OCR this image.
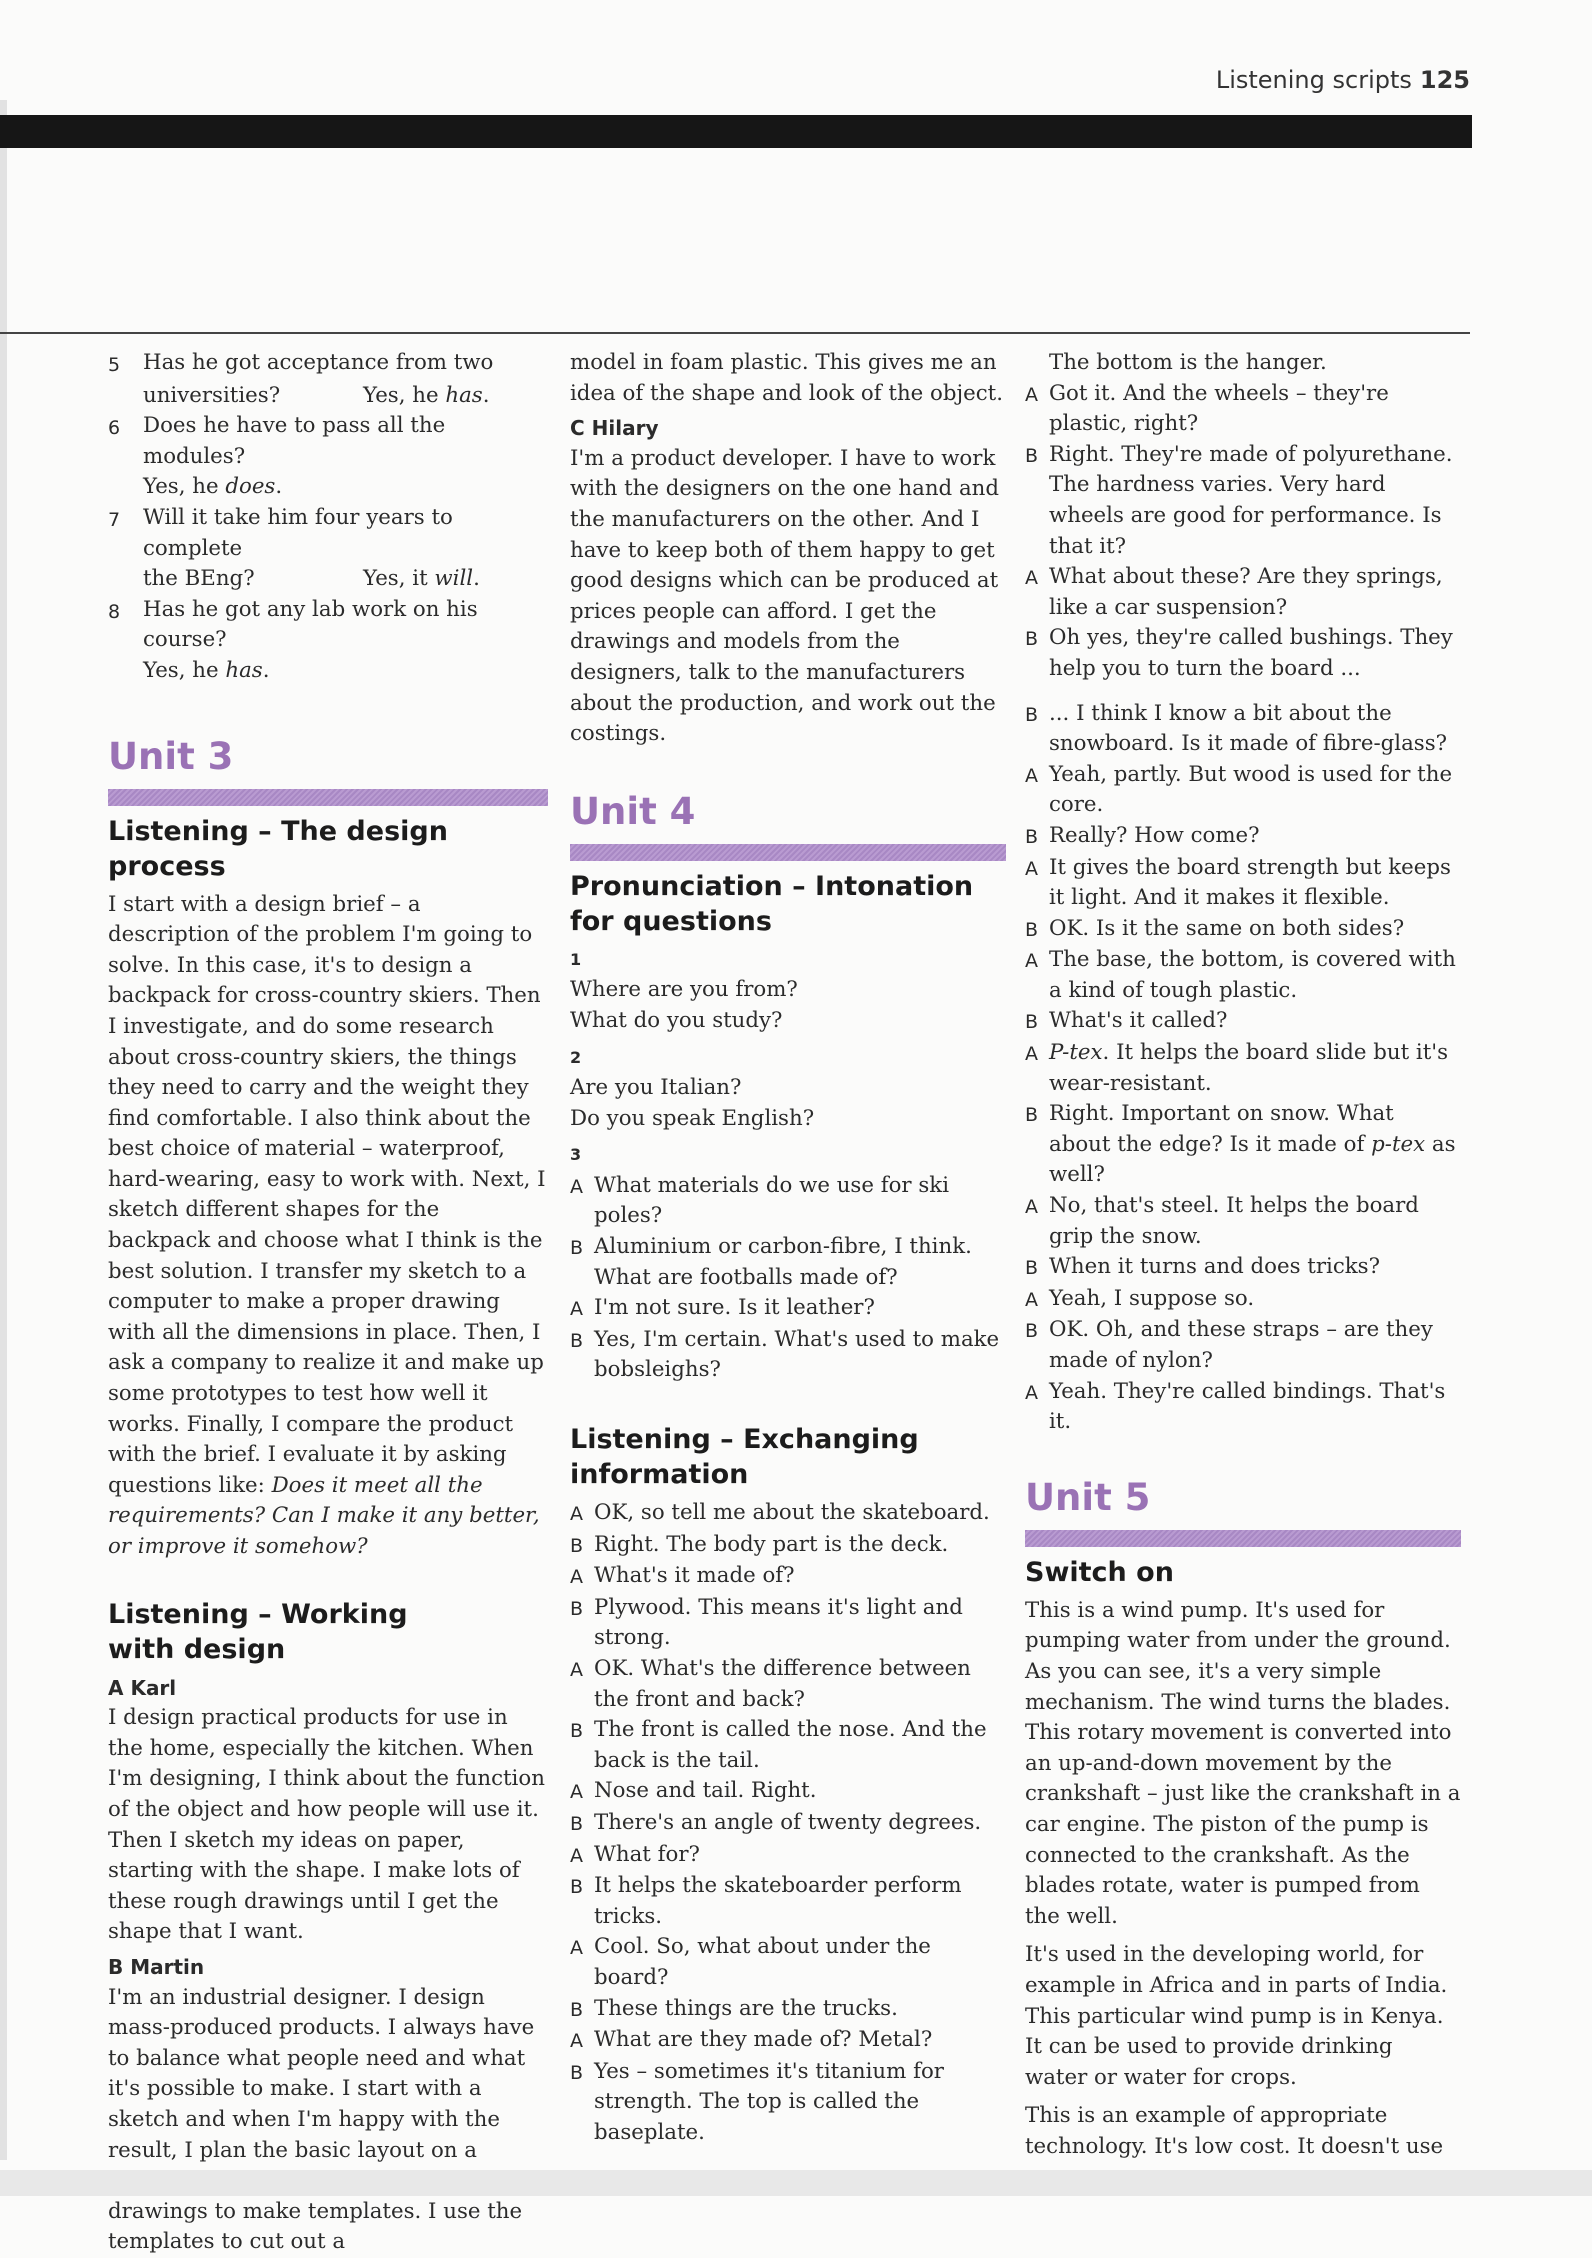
Listening scripts 125
5	Has he got acceptance from two
universities?	Yes, he has.
6	Does he have to pass all the modules?
Yes, he does.
7	Will it take him four years to complete
the BEng?	Yes, it will.
8	Has he got any lab work on his course?
Yes, he has.
Unit 3
Listening – The design process

I start with a design brief – a description of the problem I'm going to solve. In this case, it's to design a backpack for cross-country skiers. Then I investigate, and do some research about cross-country skiers, the things they need to carry and the weight they find comfortable. I also think about the best choice of material – waterproof, hard-wearing, easy to work with. Next, I sketch different shapes for the backpack and choose what I think is the best solution. I transfer my sketch to a computer to make a proper drawing with all the dimensions in place. Then, I ask a company to realize it and make up some prototypes to test how well it works. Finally, I compare the product with the brief. I evaluate it by asking questions like: Does it meet all the requirements? Can I make it any better, or improve it somehow?

Listening – Working
with design

A Karl

I design practical products for use in the home, especially the kitchen. When I'm designing, I think about the function of the object and how people will use it. Then I sketch my ideas on paper, starting with the shape. I make lots of these rough drawings until I get the shape that I want.

B Martin

I'm an industrial designer. I design mass-produced products. I always have to balance what people need and what it's possible to make. I start with a sketch and when I'm happy with the result, I plan the basic layout on a drawings to make templates. I use the templates to cut out a

model in foam plastic. This gives me an idea of the shape and look of the object.

C Hilary

I'm a product developer. I have to work with the designers on the one hand and the manufacturers on the other. And I have to keep both of them happy to get good designs which can be produced at prices people can afford. I get the drawings and models from the designers, talk to the manufacturers about the production, and work out the costings.

Unit 4
Pronunciation – Intonation for questions
1

Where are you from?

What do you study?

2

Are you Italian?

Do you speak English?

3
A What materials do we use for ski poles?
B Aluminium or carbon-fibre, I think. What are footballs made of?
A I'm not sure. Is it leather?
B Yes, I'm certain. What's used to make bobsleighs?
Listening – Exchanging
information
A OK, so tell me about the skateboard.
B Right. The body part is the deck.
A What's it made of?
B Plywood. This means it's light and strong.
A OK. What's the difference between the front and back?
B The front is called the nose. And the back is the tail.
A Nose and tail. Right.
B There's an angle of twenty degrees.
A What for?
B It helps the skateboarder perform tricks.
A Cool. So, what about under the board?
B These things are the trucks.
A What are they made of? Metal?
B Yes – sometimes it's titanium for strength. The top is called the baseplate.

The bottom is the hanger.

A Got it. And the wheels – they're plastic, right?
B Right. They're made of polyurethane. The hardness varies. Very hard wheels are good for performance. Is that it?
A What about these? Are they springs, like a car suspension?
B Oh yes, they're called bushings. They help you to turn the board ...
B ... I think I know a bit about the snowboard. Is it made of fibre-glass?
A Yeah, partly. But wood is used for the core.
B Really? How come?
A It gives the board strength but keeps it light. And it makes it flexible.
B OK. Is it the same on both sides?
A The base, the bottom, is covered with a kind of tough plastic.
B What's it called?
A P-tex. It helps the board slide but it's wear-resistant.
B Right. Important on snow. What about the edge? Is it made of p-tex as well?
A No, that's steel. It helps the board grip the snow.
B When it turns and does tricks?
A Yeah, I suppose so.
B OK. Oh, and these straps – are they made of nylon?
A Yeah. They're called bindings. That's it.
Unit 5
Switch on

This is a wind pump. It's used for pumping water from under the ground. As you can see, it's a very simple mechanism. The wind turns the blades. This rotary movement is converted into an up-and-down movement by the crankshaft – just like the crankshaft in a car engine. The piston of the pump is connected to the crankshaft. As the blades rotate, water is pumped from the well.

It's used in the developing world, for example in Africa and in parts of India. This particular wind pump is in Kenya. It can be used to provide drinking water or water for crops.

This is an example of appropriate technology. It's low cost. It doesn't use
